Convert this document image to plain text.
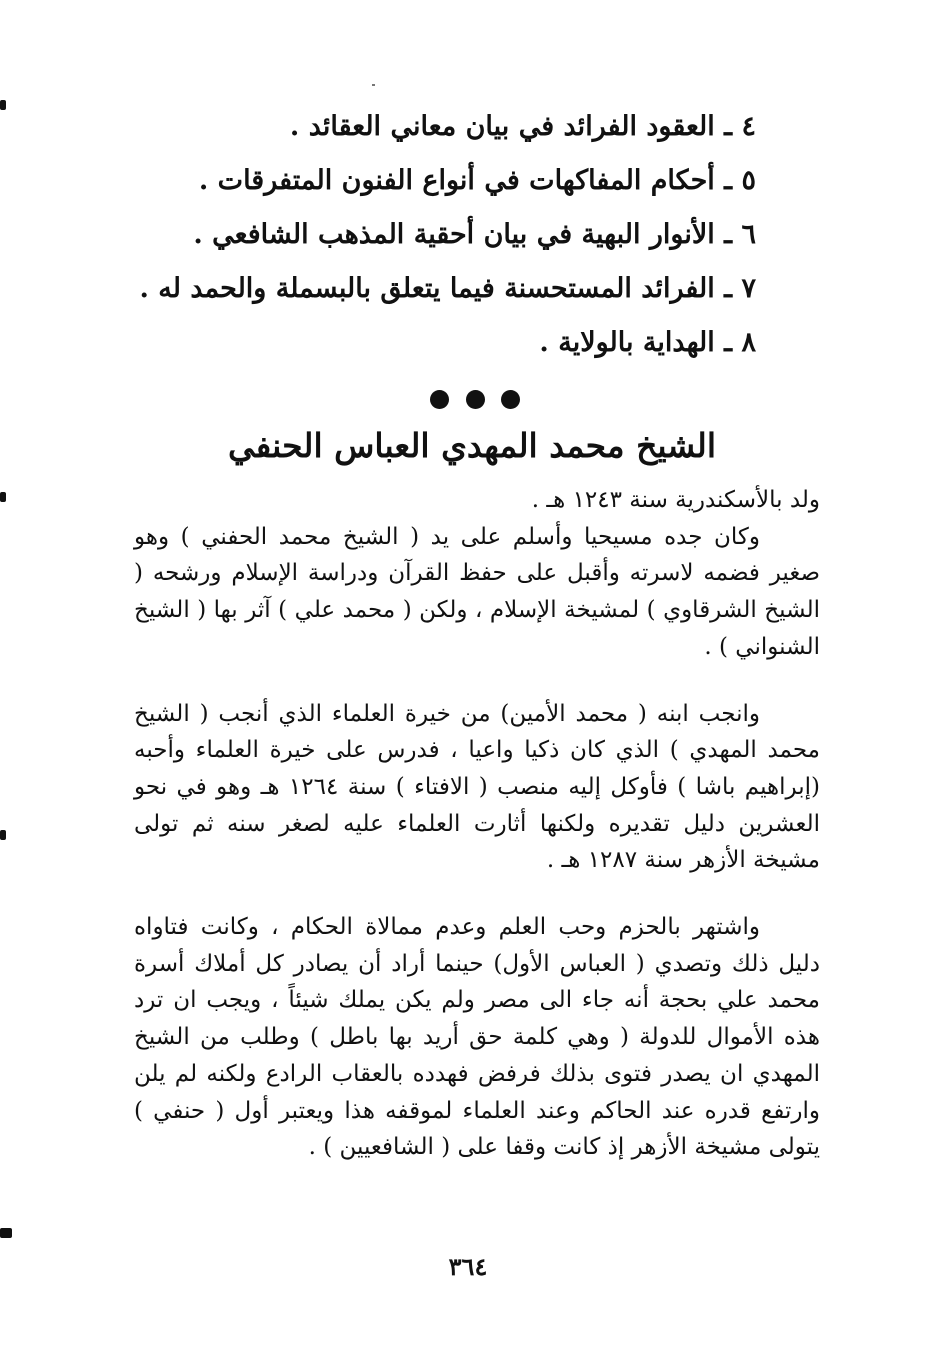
٤ ـ العقود الفرائد في بيان معاني العقائد .
٥ ـ أحكام المفاكهات في أنواع الفنون المتفرقات .
٦ ـ الأنوار البهية في بيان أحقية المذهب الشافعي .
٧ ـ الفرائد المستحسنة فيما يتعلق بالبسملة والحمد له .
٨ ـ الهداية بالولاية .
الشيخ محمد المهدي العباس الحنفي

ولد بالأسكندرية سنة ١٢٤٣ هـ .

وكان جده مسيحيا وأسلم على يد ( الشيخ محمد الحفني ) وهو صغير فضمه لاسرته وأقبل على حفظ القرآن ودراسة الإسلام ورشحه ( الشيخ الشرقاوي ) لمشيخة الإسلام ، ولكن ( محمد علي ) آثر بها ( الشيخ الشنواني ) .

وانجب ابنه ( محمد الأمين) من خيرة العلماء الذي أنجب ( الشيخ محمد المهدي ) الذي كان ذكيا واعيا ، فدرس على خيرة العلماء وأحبه (إبراهيم باشا ) فأوكل إليه منصب ( الافتاء ) سنة ١٢٦٤ هـ وهو في نحو العشرين دليل تقديره ولكنها أثارت العلماء عليه لصغر سنه ثم تولى مشيخة الأزهر سنة ١٢٨٧ هـ .

واشتهر بالحزم وحب العلم وعدم ممالاة الحكام ، وكانت فتاواه دليل ذلك وتصدي ( العباس الأول) حينما أراد أن يصادر كل أملاك أسرة محمد علي بحجة أنه جاء الى مصر ولم يكن يملك شيئاً ، ويجب ان ترد هذه الأموال للدولة ( وهي كلمة حق أريد بها باطل ) وطلب من الشيخ المهدي ان يصدر فتوى بذلك فرفض فهدده بالعقاب الرادع ولكنه لم يلن وارتفع قدره عند الحاكم وعند العلماء لموقفه هذا ويعتبر أول ( حنفي ) يتولى مشيخة الأزهر إذ كانت وقفا على ( الشافعيين ) .

٣٦٤
